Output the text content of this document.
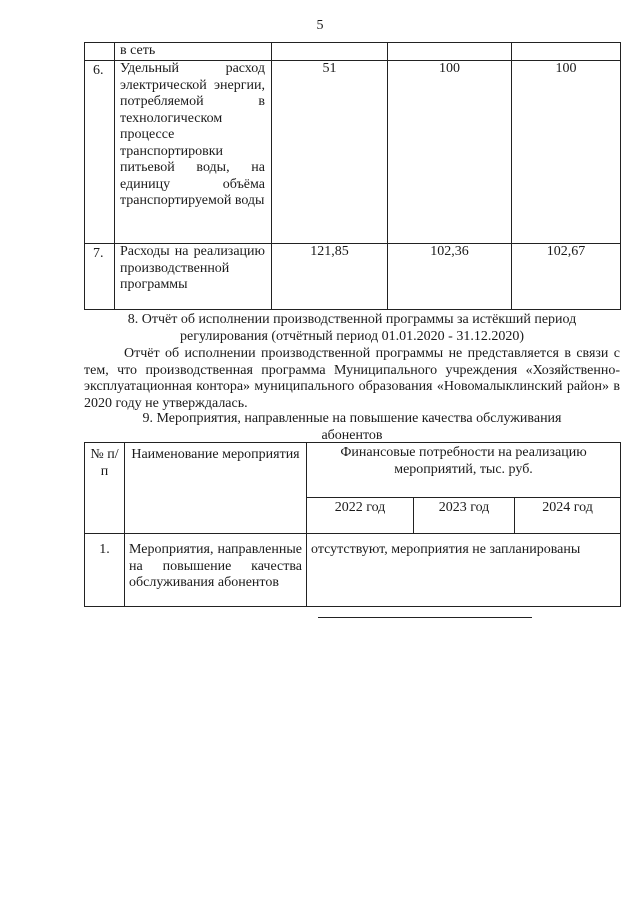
5
	в сеть			
6.	Удельный расход электрической энергии, потребляемой в технологическом процессе транспортировки питьевой воды, на единицу объёма транспортируемой воды	51	100	100
7.	Расходы на реализацию производственной программы	121,85	102,36	102,67
8. Отчёт об исполнении производственной программы за истёкший период
регулирования (отчётный период 01.01.2020 - 31.12.2020)
Отчёт об исполнении производственной программы не представляется в связи с тем, что производственная программа Муниципального учреждения «Хозяйственно-эксплуатационная контора» муниципального образования «Новомалыклинский район» в 2020 году не утверждалась.
9. Мероприятия, направленные на повышение качества обслуживания
абонентов
№ п/п	Наименование мероприятия	Финансовые потребности на реализацию мероприятий, тыс. руб.		
		2022 год	2023 год	2024 год
1.	Мероприятия, направленные на повышение качества обслуживания абонентов	отсутствуют, мероприятия не запланированы		
